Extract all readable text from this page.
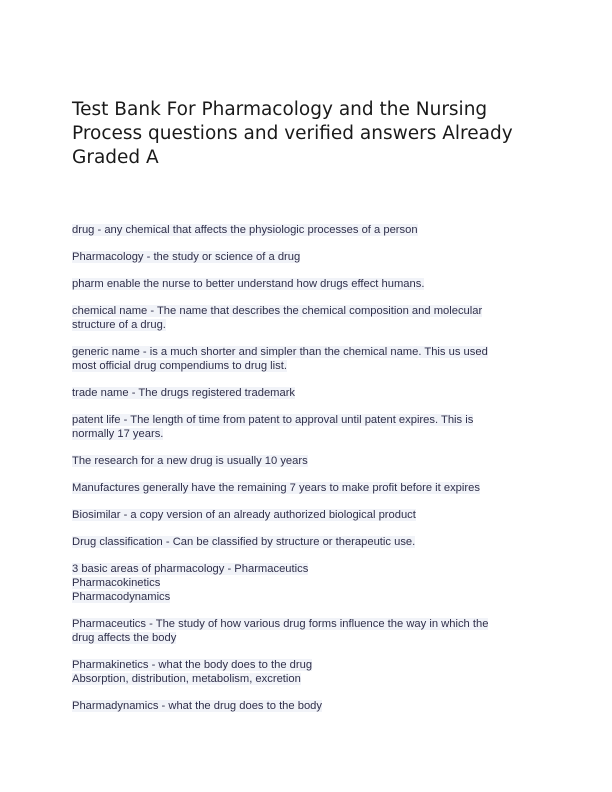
Test Bank For Pharmacology and the Nursing Process questions and verified answers Already Graded A

drug - any chemical that affects the physiologic processes of a person

Pharmacology - the study or science of a drug

pharm enable the nurse to better understand how drugs effect humans.

chemical name - The name that describes the chemical composition and molecular
structure of a drug.

generic name - is a much shorter and simpler than the chemical name. This us used
most official drug compendiums to drug list.

trade name - The drugs registered trademark

patent life - The length of time from patent to approval until patent expires. This is
normally 17 years.

The research for a new drug is usually 10 years

Manufactures generally have the remaining 7 years to make profit before it expires

Biosimilar - a copy version of an already authorized biological product

Drug classification - Can be classified by structure or therapeutic use.

3 basic areas of pharmacology - Pharmaceutics
Pharmacokinetics
Pharmacodynamics

Pharmaceutics - The study of how various drug forms influence the way in which the
drug affects the body

Pharmakinetics - what the body does to the drug
Absorption, distribution, metabolism, excretion

Pharmadynamics - what the drug does to the body
